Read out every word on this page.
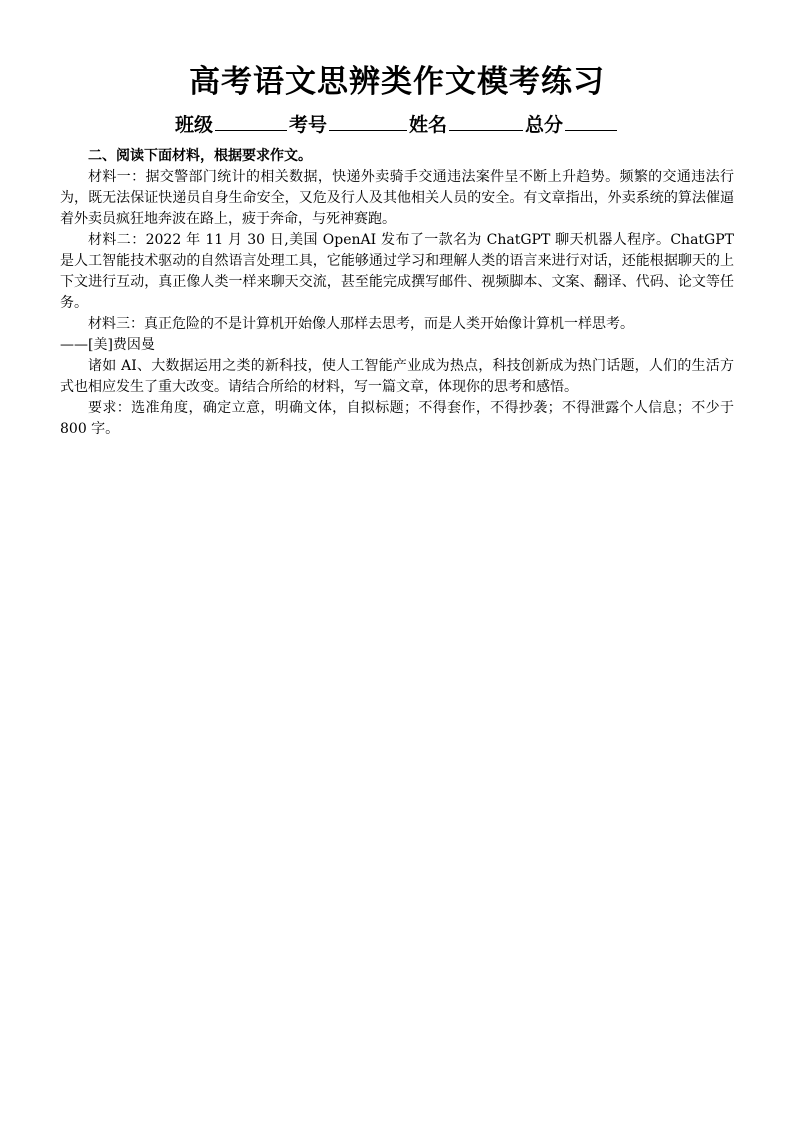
高考语文思辨类作文模考练习
班级	考号	姓名	总分

二、阅读下面材料，根据要求作文。

材料一：据交警部门统计的相关数据，快递外卖骑手交通违法案件呈不断上升趋势。频繁的交通违法行为，既无法保证快递员自身生命安全，又危及行人及其他相关人员的安全。有文章指出，外卖系统的算法催逼着外卖员疯狂地奔波在路上，疲于奔命，与死神赛跑。

材料二：2022 年 11 月 30 日,美国 OpenAI 发布了一款名为 ChatGPT 聊天机器人程序。ChatGPT 是人工智能技术驱动的自然语言处理工具，它能够通过学习和理解人类的语言来进行对话，还能根据聊天的上下文进行互动，真正像人类一样来聊天交流，甚至能完成撰写邮件、视频脚本、文案、翻译、代码、论文等任务。

材料三：真正危险的不是计算机开始像人那样去思考，而是人类开始像计算机一样思考。

——[美]费因曼

诸如 AI、大数据运用之类的新科技，使人工智能产业成为热点，科技创新成为热门话题，人们的生活方式也相应发生了重大改变。请结合所给的材料，写一篇文章，体现你的思考和感悟。

要求：选准角度，确定立意，明确文体，自拟标题；不得套作，不得抄袭；不得泄露个人信息；不少于 800 字。
